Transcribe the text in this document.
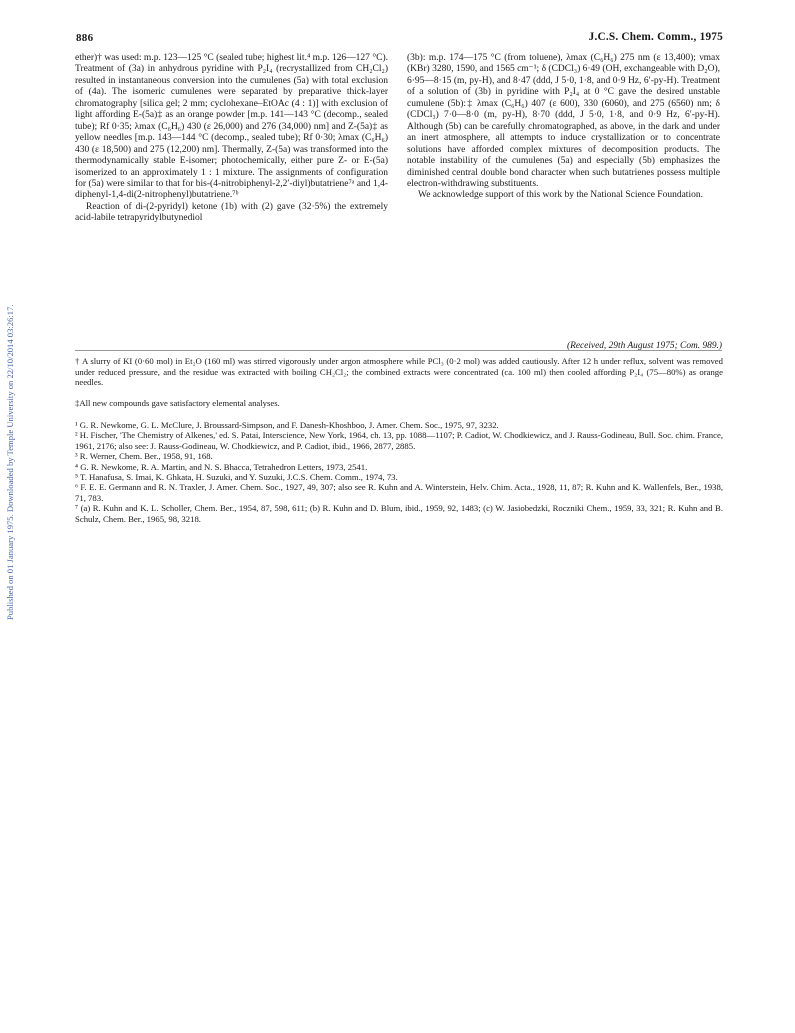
Published on 01 January 1975. Downloaded by Temple University on 22/10/2014 03:26:17.
886	J.C.S. Chem. Comm., 1975

ether)† was used: m.p. 123—125 °C (sealed tube; highest lit.⁴ m.p. 126—127 °C). Treatment of (3a) in anhydrous pyridine with P₂I₄ (recrystallized from CH₂Cl₂) resulted in instantaneous conversion into the cumulenes (5a) with total exclusion of (4a). The isomeric cumulenes were separated by preparative thick-layer chromatography [silica gel; 2 mm; cyclohexane–EtOAc (4 : 1)] with exclusion of light affording E-(5a)‡ as an orange powder [m.p. 141—143 °C (decomp., sealed tube); Rf 0·35; λmax (C₆H₆) 430 (ε 26,000) and 276 (34,000) nm] and Z-(5a)‡ as yellow needles [m.p. 143—144 °C (decomp., sealed tube); Rf 0·30; λmax (C₆H₆) 430 (ε 18,500) and 275 (12,200) nm]. Thermally, Z-(5a) was transformed into the thermodynamically stable E-isomer; photochemically, either pure Z- or E-(5a) isomerized to an approximately 1 : 1 mixture. The assignments of configuration for (5a) were similar to that for bis-(4-nitrobiphenyl-2,2′-diyl)butatriene⁷ᵃ and 1,4-diphenyl-1,4-di(2-nitrophenyl)butatriene.⁷ᵇ

Reaction of di-(2-pyridyl) ketone (1b) with (2) gave (32·5%) the extremely acid-labile tetrapyridylbutynediol

(3b): m.p. 174—175 °C (from toluene), λmax (C₆H₆) 275 nm (ε 13,400); νmax (KBr) 3280, 1590, and 1565 cm⁻¹; δ (CDCl₃) 6·49 (OH, exchangeable with D₂O), 6·95—8·15 (m, py-H), and 8·47 (ddd, J 5·0, 1·8, and 0·9 Hz, 6′-py-H). Treatment of a solution of (3b) in pyridine with P₂I₄ at 0 °C gave the desired unstable cumulene (5b):‡ λmax (C₆H₆) 407 (ε 600), 330 (6060), and 275 (6560) nm; δ (CDCl₃) 7·0—8·0 (m, py-H), 8·70 (ddd, J 5·0, 1·8, and 0·9 Hz, 6′-py-H). Although (5b) can be carefully chromatographed, as above, in the dark and under an inert atmosphere, all attempts to induce crystallization or to concentrate solutions have afforded complex mixtures of decomposition products. The notable instability of the cumulenes (5a) and especially (5b) emphasizes the diminished central double bond character when such butatrienes possess multiple electron-withdrawing substituents.

We acknowledge support of this work by the National Science Foundation.

(Received, 29th August 1975; Com. 989.)
† A slurry of KI (0·60 mol) in Et₂O (160 ml) was stirred vigorously under argon atmosphere while PCl₃ (0·2 mol) was added cautiously. After 12 h under reflux, solvent was removed under reduced pressure, and the residue was extracted with boiling CH₂Cl₂; the combined extracts were concentrated (ca. 100 ml) then cooled affording P₂I₄ (75—80%) as orange needles.
‡All new compounds gave satisfactory elemental analyses.

¹ G. R. Newkome, G. L. McClure, J. Broussard-Simpson, and F. Danesh-Khoshboo, J. Amer. Chem. Soc., 1975, 97, 3232.

² H. Fischer, 'The Chemistry of Alkenes,' ed. S. Patai, Interscience, New York, 1964, ch. 13, pp. 1088—1107; P. Cadiot, W. Chodkiewicz, and J. Rauss-Godineau, Bull. Soc. chim. France, 1961, 2176; also see: J. Rauss-Godineau, W. Chodkiewicz, and P. Cadiot, ibid., 1966, 2877, 2885.

³ R. Werner, Chem. Ber., 1958, 91, 168.

⁴ G. R. Newkome, R. A. Martin, and N. S. Bhacca, Tetrahedron Letters, 1973, 2541.

⁵ T. Hanafusa, S. Imai, K. Ghkata, H. Suzuki, and Y. Suzuki, J.C.S. Chem. Comm., 1974, 73.

⁶ F. E. E. Germann and R. N. Traxler, J. Amer. Chem. Soc., 1927, 49, 307; also see R. Kuhn and A. Winterstein, Helv. Chim. Acta., 1928, 11, 87; R. Kuhn and K. Wallenfels, Ber., 1938, 71, 783.

⁷ (a) R. Kuhn and K. L. Scholler, Chem. Ber., 1954, 87, 598, 611; (b) R. Kuhn and D. Blum, ibid., 1959, 92, 1483; (c) W. Jasiobedzki, Roczniki Chem., 1959, 33, 321; R. Kuhn and B. Schulz, Chem. Ber., 1965, 98, 3218.
